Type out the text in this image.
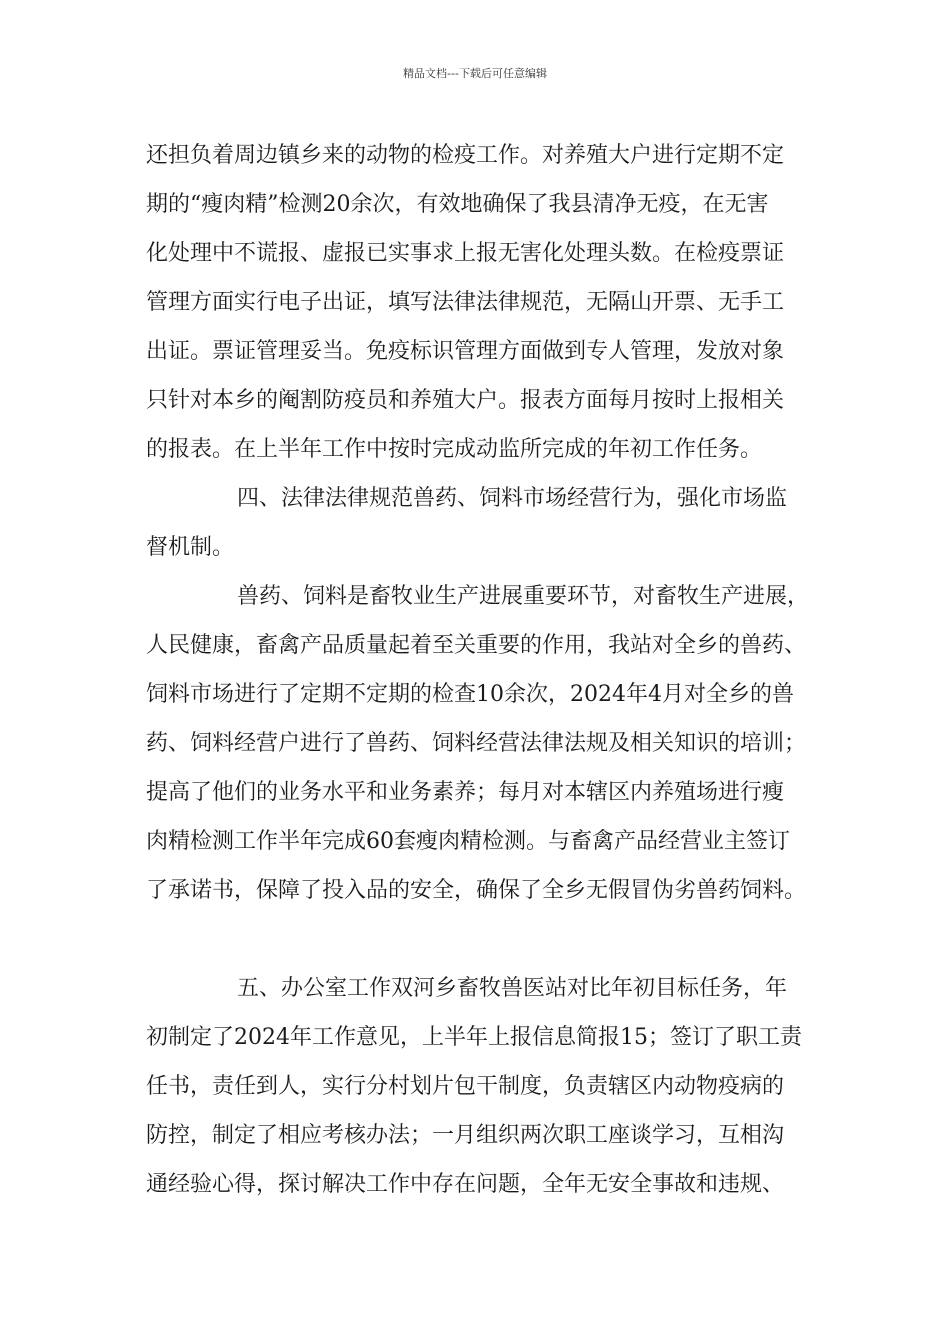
精品文档---下载后可任意编辑
还担负着周边镇乡来的动物的检疫工作。对养殖大户进行定期不定
期的“瘦肉精”检测20余次，有效地确保了我县清净无疫，在无害
化处理中不谎报、虚报已实事求上报无害化处理头数。在检疫票证
管理方面实行电子出证，填写法律法律规范，无隔山开票、无手工
出证。票证管理妥当。免疫标识管理方面做到专人管理，发放对象
只针对本乡的阉割防疫员和养殖大户。报表方面每月按时上报相关
的报表。在上半年工作中按时完成动监所完成的年初工作任务。
四、法律法律规范兽药、饲料市场经营行为，强化市场监
督机制。
兽药、饲料是畜牧业生产进展重要环节，对畜牧生产进展，
人民健康，畜禽产品质量起着至关重要的作用，我站对全乡的兽药、
饲料市场进行了定期不定期的检查10余次，2024年4月对全乡的兽
药、饲料经营户进行了兽药、饲料经营法律法规及相关知识的培训；
提高了他们的业务水平和业务素养；每月对本辖区内养殖场进行瘦
肉精检测工作半年完成60套瘦肉精检测。与畜禽产品经营业主签订
了承诺书，保障了投入品的安全，确保了全乡无假冒伪劣兽药饲料。
五、办公室工作双河乡畜牧兽医站对比年初目标任务，年
初制定了2024年工作意见，上半年上报信息简报15；签订了职工责
任书，责任到人，实行分村划片包干制度，负责辖区内动物疫病的
防控，制定了相应考核办法；一月组织两次职工座谈学习，互相沟
通经验心得，探讨解决工作中存在问题，全年无安全事故和违规、
